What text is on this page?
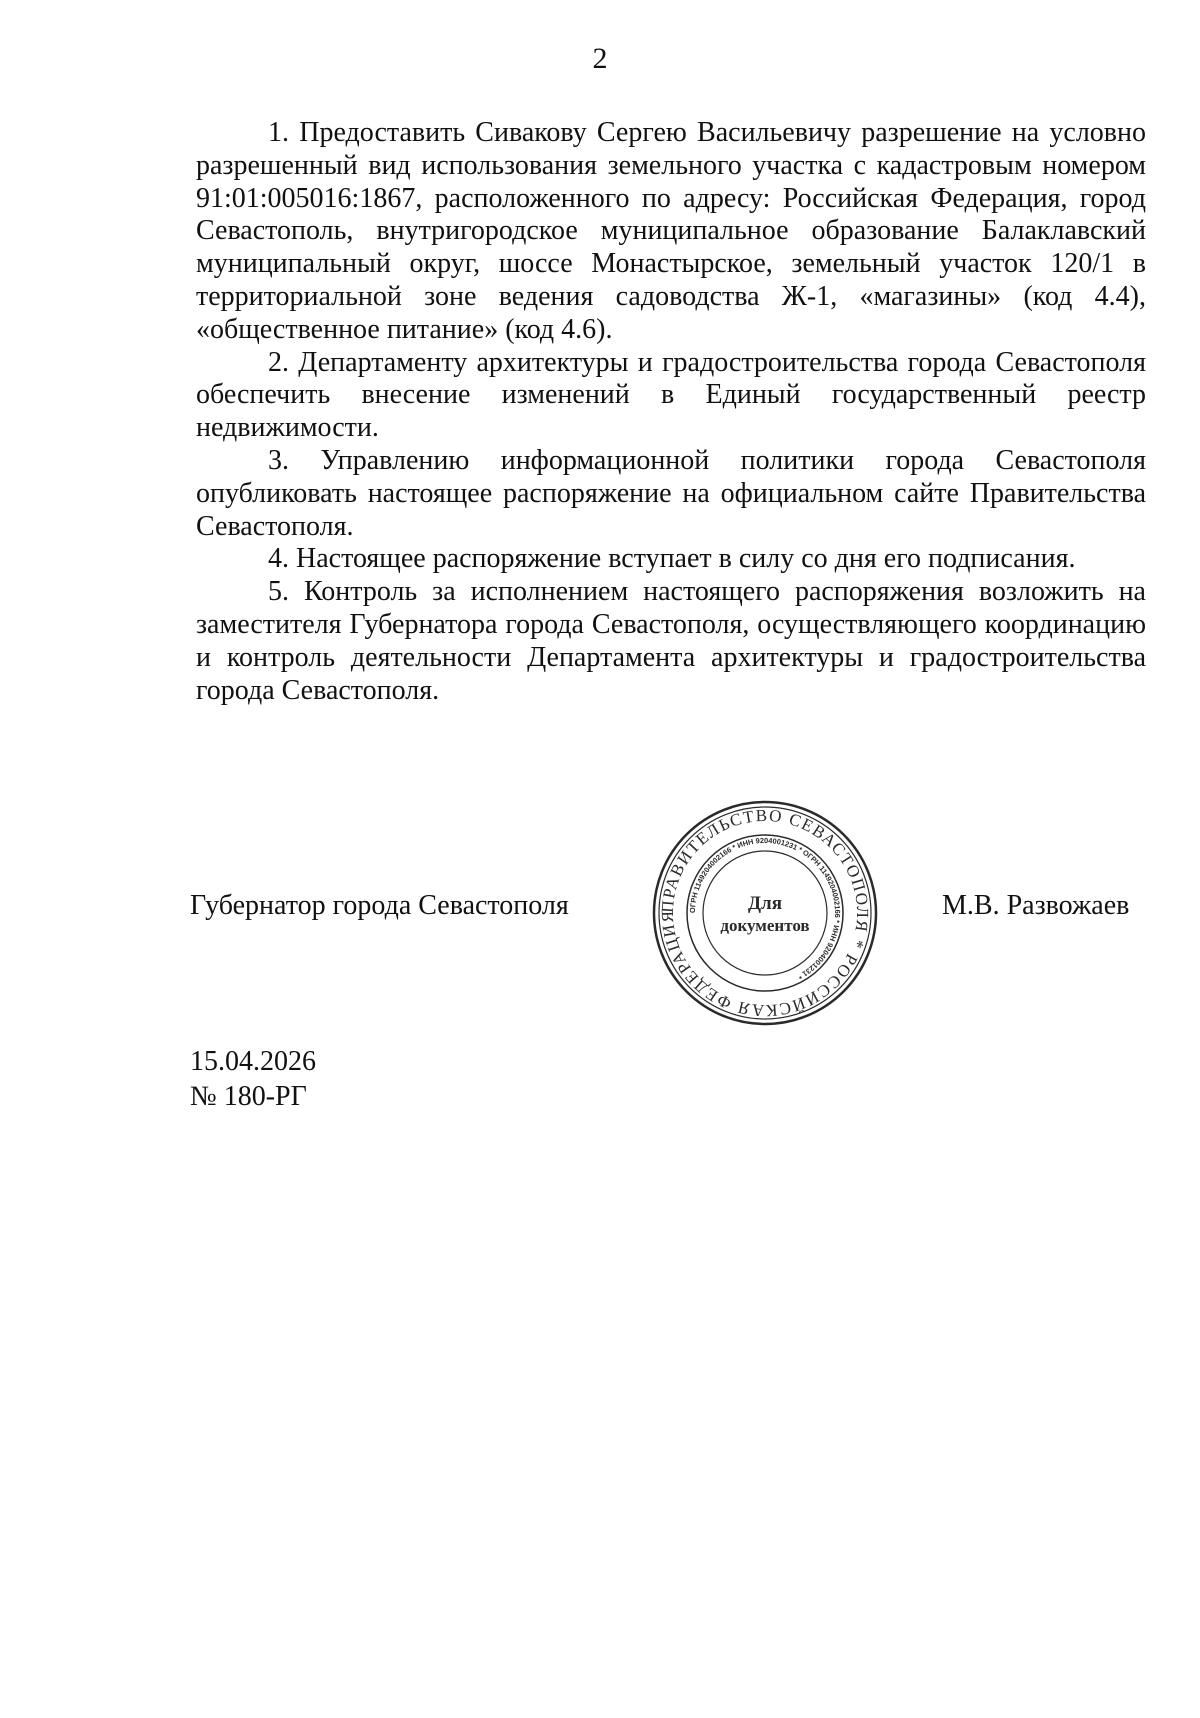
2

1. Предоставить Сивакову Сергею Васильевичу разрешение на условно разрешенный вид использования земельного участка с кадастровым номером 91:01:005016:1867, расположенного по адресу: Российская Федерация, город Севастополь, внутригородское муниципальное образование Балаклавский муниципальный округ, шоссе Монастырское, земельный участок 120/1 в территориальной зоне ведения садоводства Ж-1, «магазины» (код 4.4), «общественное питание» (код 4.6).

2. Департаменту архитектуры и градостроительства города Севастополя обеспечить внесение изменений в Единый государственный реестр недвижимости.

3. Управлению информационной политики города Севастополя опубликовать настоящее распоряжение на официальном сайте Правительства Севастополя.

4. Настоящее распоряжение вступает в силу со дня его подписания.

5. Контроль за исполнением настоящего распоряжения возложить на заместителя Губернатора города Севастополя, осуществляющего координацию и контроль деятельности Департамента архитектуры и градостроительства города Севастополя.

Губернатор города Севастополя	ПРАВИТЕЛЬСТВО СЕВАСТОПОЛЯ * РОССИЙСКАЯ ФЕДЕРАЦИЯ	ОГРН 1149204002166 * ИНН 9204001231 * ОГРН 1149204002166 * ИНН 9204001231 *
Для
документов
М.В. Развожаев
15.04.2026
№ 180-РГ
